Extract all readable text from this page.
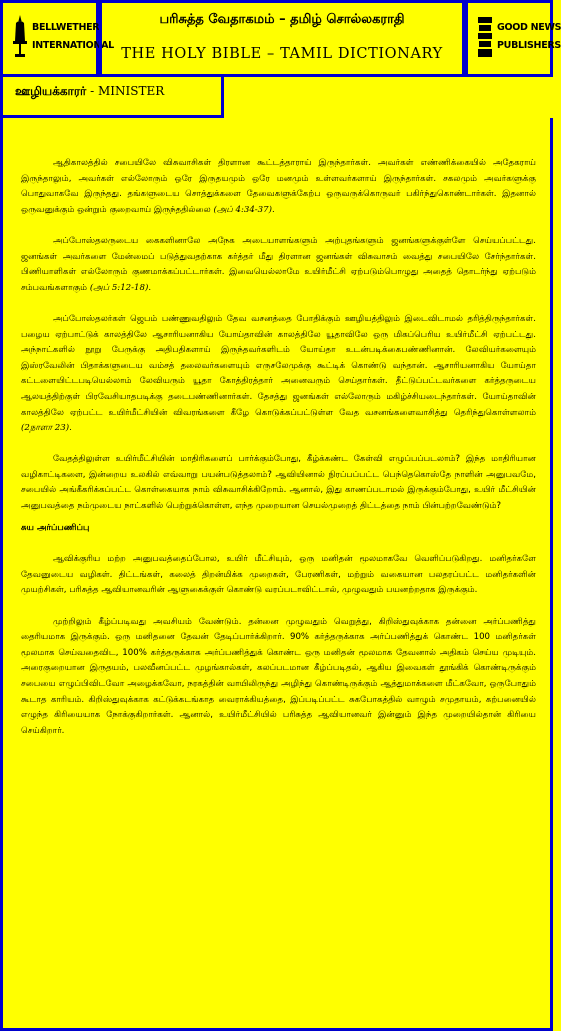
BELLWETHER
INTERNATIONAL
பரிசுத்த வேதாகமம் – தமிழ் சொல்லகராதி
THE HOLY BIBLE – TAMIL DICTIONARY
GOOD NEWS
PUBLISHERS
ஊழியக்காரர் - MINISTER

ஆதிகாலத்தில் சபையிலே விசுவாசிகள் திரளான கூட்டத்தாராய் இருந்தார்கள். அவர்கள் எண்ணிக்கையில் அதேகராய் இருந்தாலும், அவர்கள் எல்லோரும் ஒரே இருதயமும் ஒரே மனமும் உள்ளவர்களாய் இருந்தார்கள். சகலமும் அவர்களுக்கு பொதுவாகவே இருந்தது. தங்களுடைய சொத்துக்களை தேவைகளுக்கேற்ப ஒருவருக்கொருவர் பகிர்ந்துகொண்டார்கள். இதனால் ஒருவனுக்கும் ஒன்றும் குறைவாய் இருந்ததில்லை (அப் 4:34-37).

அப்போஸ்தலருடைய கைகளினாலே அநேக அடையாளங்களும் அற்புதங்களும் ஜனங்களுக்குள்ளே செய்யப்பட்டது. ஜனங்கள் அவர்களை மேன்மைப் படுத்துவதற்காக கர்த்தர் மீது திரளான ஜனங்கள் விசுவாசம் வைத்து சபையிலே சேர்ந்தார்கள். பிணியாளிகள் எல்லோரும் குணமாக்கப்பட்டார்கள். இவையெல்லாமே உயிர்மீட்சி ஏற்படும்பொழுது அதைத் தொடர்ந்து ஏற்படும் சம்பவங்களாகும் (அப் 5:12-18).

அப்போஸ்தலர்கள் ஜெபம் பண்ணுவதிலும் தேவ வசனத்தை போதிக்கும் ஊழியத்திலும் இடைவிடாமல் தரித்திருந்தார்கள். பழைய ஏற்பாட்டுக் காலத்திலே ஆசாரியனாகிய யோய்தாவின் காலத்திலே யூதாவிலே ஒரு மிகப்பெரிய உயிர்மீட்சி ஏற்பட்டது. அந்நாட்களில் நூறு பேருக்கு அதிபதிகளாய் இருந்தவர்களிடம் யோய்தா உடன்படிக்கைபண்ணினான். லேவியர்களையும் இஸ்ரவேலின் பிதாக்களுடைய வம்சத் தலைவர்களையும் எருசலேமுக்கு கூட்டிக் கொண்டு வந்தான். ஆசாரியனாகிய யோய்தா கட்டளையிட்டபடியெல்லாம் லேவியரும் யூதா கோத்திரத்தார் அனைவரும் செய்தார்கள். தீட்டுப்பட்டவர்களை கர்த்தருடைய ஆலயத்திற்குள் பிரவேசியாதபடிக்கு தடைபண்ணினார்கள். தேசத்து ஜனங்கள் எல்லோரும் மகிழ்ச்சியடைந்தார்கள். யோய்தாவின் காலத்திலே ஏற்பட்ட உயிர்மீட்சியின் விவரங்களை கீழே கொடுக்கப்பட்டுள்ள வேத வசனங்களைவாசித்து தெரிந்துகொள்ளலாம் (2நாளா 23).

வேதத்திலுள்ள உயிர்மீட்சியின் மாதிரிகளைப் பார்க்கும்போது, கீழ்க்கண்ட கேள்வி எழுப்பப்படலாம்? இந்த மாதிரியான வழிகாட்டிகளை, இன்றைய உலகில் எவ்வாறு பயன்படுத்தலாம்? ஆவியினால் நிரப்பப்பட்ட பெந்தெகொஸ்தே நாளின் அனுபவமே, சபையில் அங்கீகரிக்கப்பட்ட கொள்கையாக நாம் விசுவாசிக்கிறோம். ஆனால், இது காணப்படாமல் இருக்கும்போது, உயிர் மீட்சியின் அனுபவத்தை நம்முடைய நாட்களில் பெற்றுக்கொள்ள, எந்த முறையான செயல்முறைத் திட்டத்தை நாம் பின்பற்றவேண்டும்?

சுய அர்ப்பணிப்பு

ஆவிக்குரிய மற்ற அனுபவத்தைப்போல, உயிர் மீட்சியும், ஒரு மனிதன் மூலமாகவே வெளிப்படுகிறது. மனிதர்களே தேவனுடைய வழிகள். திட்டங்கள், கலைத் திறன்மிக்க முறைகள், பேரணிகள், மற்றும் வகையான பலதரப்பட்ட மனிதர்களின் முயற்சிகள், பரிசுத்த ஆவியானவரின் ஆளுகைக்குள் கொண்டு வரப்படாவிட்டால், முழுவதும் பயனற்றதாக இருக்கும்.

முற்றிலும் கீழ்ப்படிவது அவசியம் வேண்டும். தன்னை முழுவதும் வெறுத்து, கிறிஸ்துவுக்காக தன்னை அர்ப்பணித்து தைரியமாக இருக்கும். ஒரு மனிதனை தேவன் தேடிப்பார்க்கிறார். 90% கர்த்தருக்காக அர்ப்பணித்துக் கொண்ட 100 மனிதர்கள் மூலமாக செய்வதைவிட, 100% கர்த்தருக்காக அர்ப்பணித்துக் கொண்ட ஒரு மனிதன் மூலமாக தேவனால் அதிகம் செய்ய முடியும். அரைகுறையான இருதயம், பலவீனப்பட்ட முழங்கால்கள், கலப்படமான கீழ்ப்படிதல், ஆகிய இவைகள் தூங்கிக் கொண்டிருக்கும் சபையை எழுப்பிவிடவோ அழைக்கவோ, நரகத்தின் வாயிலிருந்து அழிந்து கொண்டிருக்கும் ஆத்துமாக்களை மீட்கவோ, ஒருபோதும் கூடாத காரியம். கிறிஸ்துவுக்காக கட்டுக்கடங்காத வைராக்கியத்தை, இப்படிப்பட்ட சுகபோகத்தில் வாழும் சமுதாயம், கற்பனையில் எழுந்த கிரியையாக நோக்குகிறார்கள். ஆனால், உயிர்மீட்சியில் பரிசுத்த ஆவியானவர் இன்னும் இந்த முறையில்தான் கிரியை செய்கிறார்.
